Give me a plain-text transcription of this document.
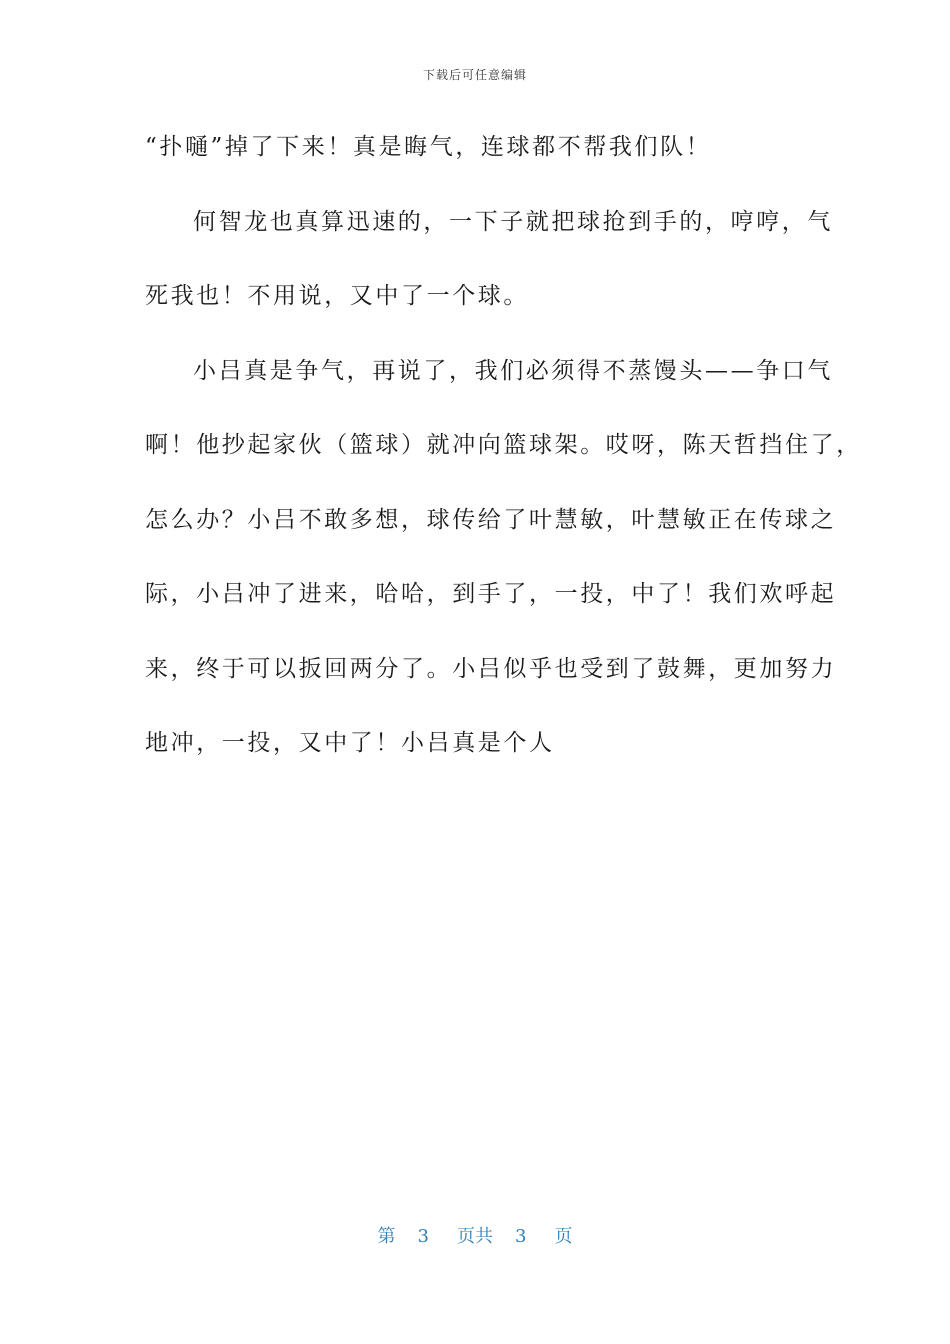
下载后可任意编辑
“扑嗵”掉了下来！真是晦气，连球都不帮我们队！
何智龙也真算迅速的，一下子就把球抢到手的，哼哼，气
死我也！不用说，又中了一个球。
小吕真是争气，再说了，我们必须得不蒸馒头——争口气
啊！他抄起家伙（篮球）就冲向篮球架。哎呀，陈天哲挡住了，
怎么办？小吕不敢多想，球传给了叶慧敏，叶慧敏正在传球之
际，小吕冲了进来，哈哈，到手了，一投，中了！我们欢呼起
来，终于可以扳回两分了。小吕似乎也受到了鼓舞，更加努力
地冲，一投，又中了！小吕真是个人
第 3 页共 3 页
